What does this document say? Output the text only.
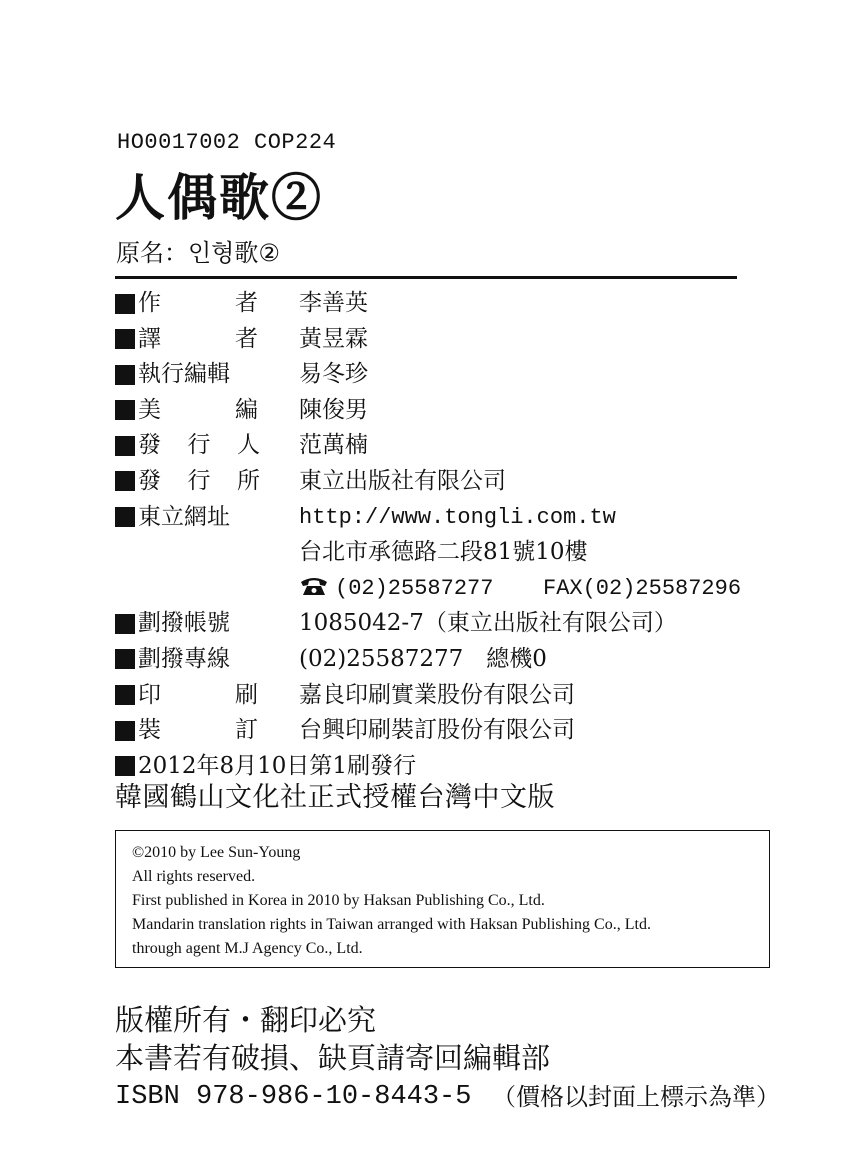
HO0017002 COP224
人偶歌②
原名：인형歌②
作	者 李善英
譯	者 黃昱霖
執行編輯	易冬珍
美	編 陳俊男
發 行 人 范萬楠
發 行 所 東立出版社有限公司
東立網址	http://www.tongli.com.tw
台北市承德路二段81號10樓
(02)25587277 FAX(02)25587296
劃撥帳號	1085042-7（東立出版社有限公司）
劃撥專線	(02)25587277　總機0
印	刷 嘉良印刷實業股份有限公司
裝	訂 台興印刷裝訂股份有限公司
2012年8月10日第1刷發行
韓國鶴山文化社正式授權台灣中文版
©2010 by Lee Sun-Young
All rights reserved.
First published in Korea in 2010 by Haksan Publishing Co., Ltd.
Mandarin translation rights in Taiwan arranged with Haksan Publishing Co., Ltd.
through agent M.J Agency Co., Ltd.
版權所有・翻印必究
本書若有破損、缺頁請寄回編輯部
ISBN 978-986-10-8443-5 （價格以封面上標示為準）
